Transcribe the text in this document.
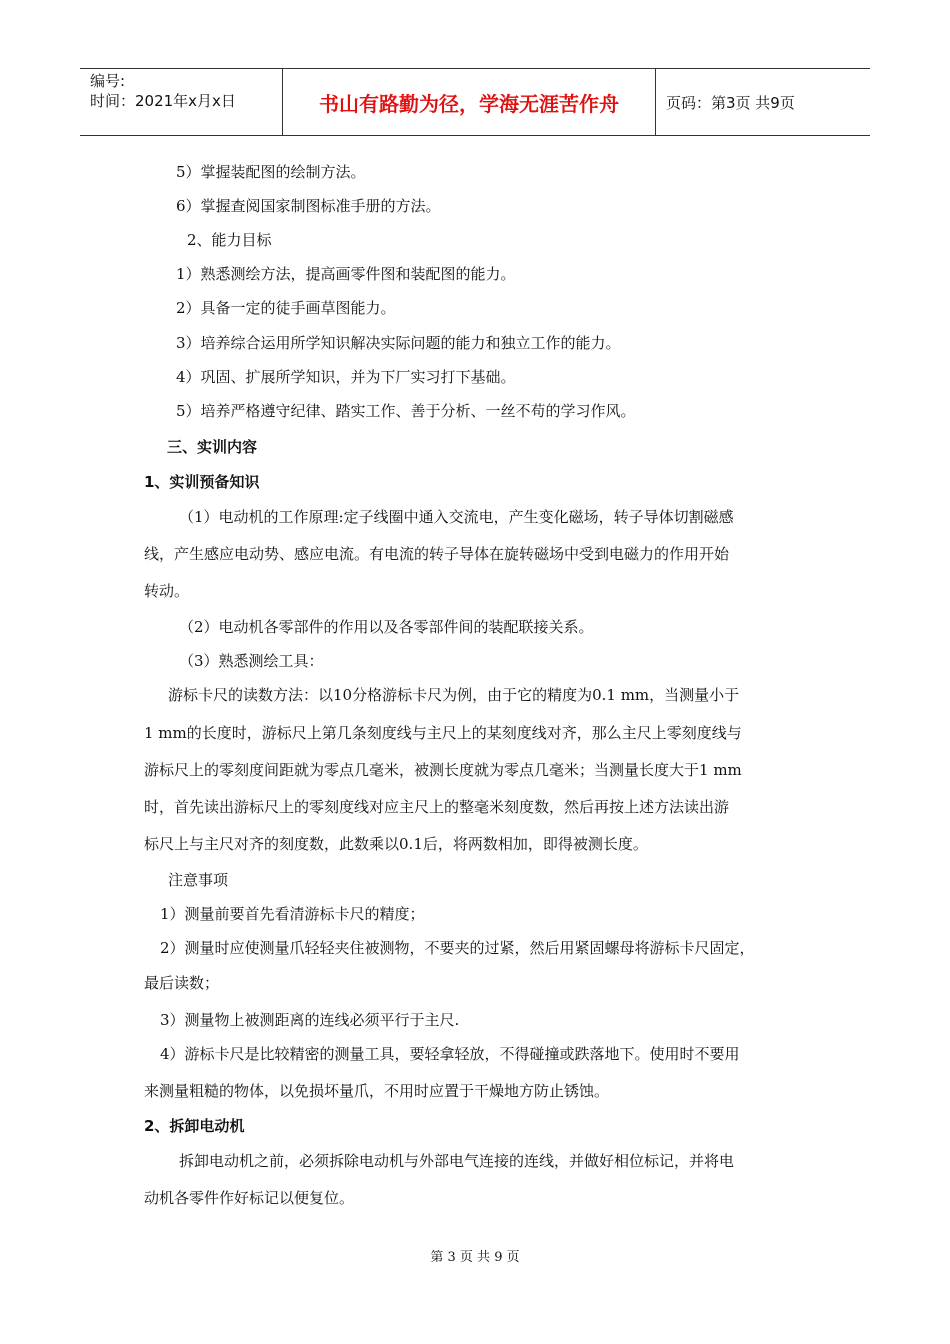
编号:
时间：2021年x月x日	书山有路勤为径，学海无涯苦作舟	页码：第3页 共9页
5）掌握装配图的绘制方法。
6）掌握查阅国家制图标准手册的方法。
2、能力目标
1）熟悉测绘方法，提高画零件图和装配图的能力。
2）具备一定的徒手画草图能力。
3）培养综合运用所学知识解决实际问题的能力和独立工作的能力。
4）巩固、扩展所学知识，并为下厂实习打下基础。
5）培养严格遵守纪律、踏实工作、善于分析、一丝不苟的学习作风。
三、实训内容
1、实训预备知识
（1）电动机的工作原理:定子线圈中通入交流电，产生变化磁场，转子导体切割磁感
线，产生感应电动势、感应电流。有电流的转子导体在旋转磁场中受到电磁力的作用开始
转动。
（2）电动机各零部件的作用以及各零部件间的装配联接关系。
（3）熟悉测绘工具：
游标卡尺的读数方法：以10分格游标卡尺为例，由于它的精度为0.1 mm，当测量小于
1 mm的长度时，游标尺上第几条刻度线与主尺上的某刻度线对齐，那么主尺上零刻度线与
游标尺上的零刻度间距就为零点几毫米，被测长度就为零点几毫米；当测量长度大于1 mm
时，首先读出游标尺上的零刻度线对应主尺上的整毫米刻度数，然后再按上述方法读出游
标尺上与主尺对齐的刻度数，此数乘以0.1后，将两数相加，即得被测长度。
注意事项
1）测量前要首先看清游标卡尺的精度；
2）测量时应使测量爪轻轻夹住被测物，不要夹的过紧，然后用紧固螺母将游标卡尺固定，
最后读数；
3）测量物上被测距离的连线必须平行于主尺.
4）游标卡尺是比较精密的测量工具，要轻拿轻放，不得碰撞或跌落地下。使用时不要用
来测量粗糙的物体，以免损坏量爪，不用时应置于干燥地方防止锈蚀。
2、拆卸电动机
拆卸电动机之前，必须拆除电动机与外部电气连接的连线，并做好相位标记，并将电
动机各零件作好标记以便复位。
第 3 页 共 9 页
